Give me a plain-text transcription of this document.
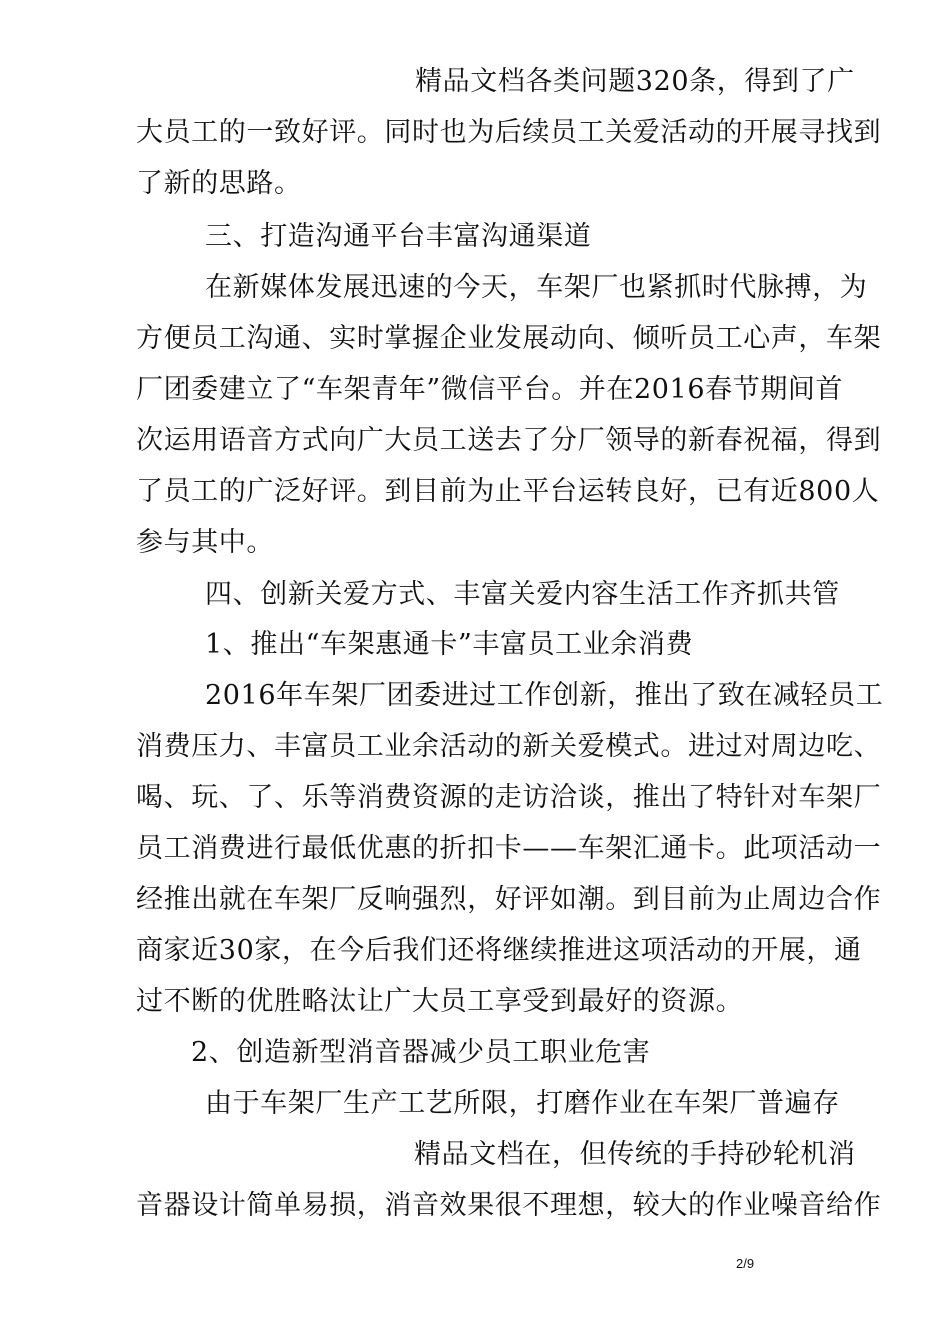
精品文档各类问题320条，得到了广
大员工的一致好评。同时也为后续员工关爱活动的开展寻找到
了新的思路。
三、打造沟通平台丰富沟通渠道
在新媒体发展迅速的今天，车架厂也紧抓时代脉搏，为
方便员工沟通、实时掌握企业发展动向、倾听员工心声，车架
厂团委建立了“车架青年”微信平台。并在2016春节期间首
次运用语音方式向广大员工送去了分厂领导的新春祝福，得到
了员工的广泛好评。到目前为止平台运转良好，已有近800人
参与其中。
四、创新关爱方式、丰富关爱内容生活工作齐抓共管
1、推出“车架惠通卡”丰富员工业余消费
2016年车架厂团委进过工作创新，推出了致在减轻员工
消费压力、丰富员工业余活动的新关爱模式。进过对周边吃、
喝、玩、了、乐等消费资源的走访洽谈，推出了特针对车架厂
员工消费进行最低优惠的折扣卡——车架汇通卡。此项活动一
经推出就在车架厂反响强烈，好评如潮。到目前为止周边合作
商家近30家，在今后我们还将继续推进这项活动的开展，通
过不断的优胜略汰让广大员工享受到最好的资源。
2、创造新型消音器减少员工职业危害
由于车架厂生产工艺所限，打磨作业在车架厂普遍存
精品文档在，但传统的手持砂轮机消
音器设计简单易损，消音效果很不理想，较大的作业噪音给作
2/9
